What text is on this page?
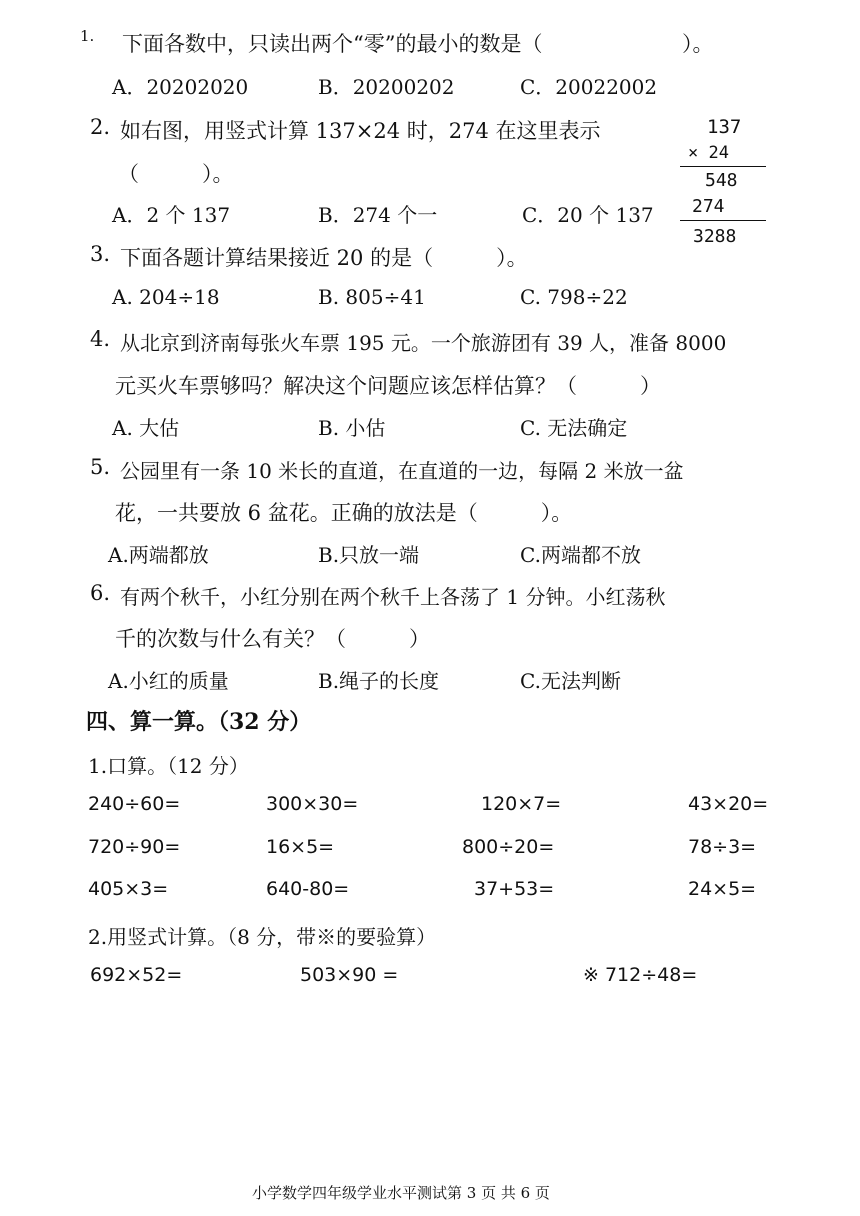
1. 下面各数中，只读出两个“零”的最小的数是（	）。
A．20202020	B．20200202	C．20022002
2. 如右图，用竖式计算 137×24 时，274 在这里表示
（　　　）。
A．2 个 137	B．274 个一	C．20 个 137
137
× 24
548
274
3288
3. 下面各题计算结果接近 20 的是（　　　）。
A. 204÷18	B. 805÷41	C. 798÷22
4. 从北京到济南每张火车票 195 元。一个旅游团有 39 人，准备 8000
元买火车票够吗？解决这个问题应该怎样估算？（　　　）
A. 大估	B. 小估	C. 无法确定
5. 公园里有一条 10 米长的直道，在直道的一边，每隔 2 米放一盆
花，一共要放 6 盆花。正确的放法是（　　　）。
A.两端都放	B.只放一端	C.两端都不放
6. 有两个秋千，小红分别在两个秋千上各荡了 1 分钟。小红荡秋
千的次数与什么有关？（　　　）
A.小红的质量	B.绳子的长度	C.无法判断
四、算一算。（32 分）
1.口算。（12 分）
240÷60=	300×30=	120×7=	43×20=
720÷90=	16×5=	800÷20=	78÷3=
405×3=	640-80=	37+53=	24×5=
2.用竖式计算。（8 分，带※的要验算）
692×52=	503×90 =	※ 712÷48=
小学数学四年级学业水平测试第 3 页 共 6 页
